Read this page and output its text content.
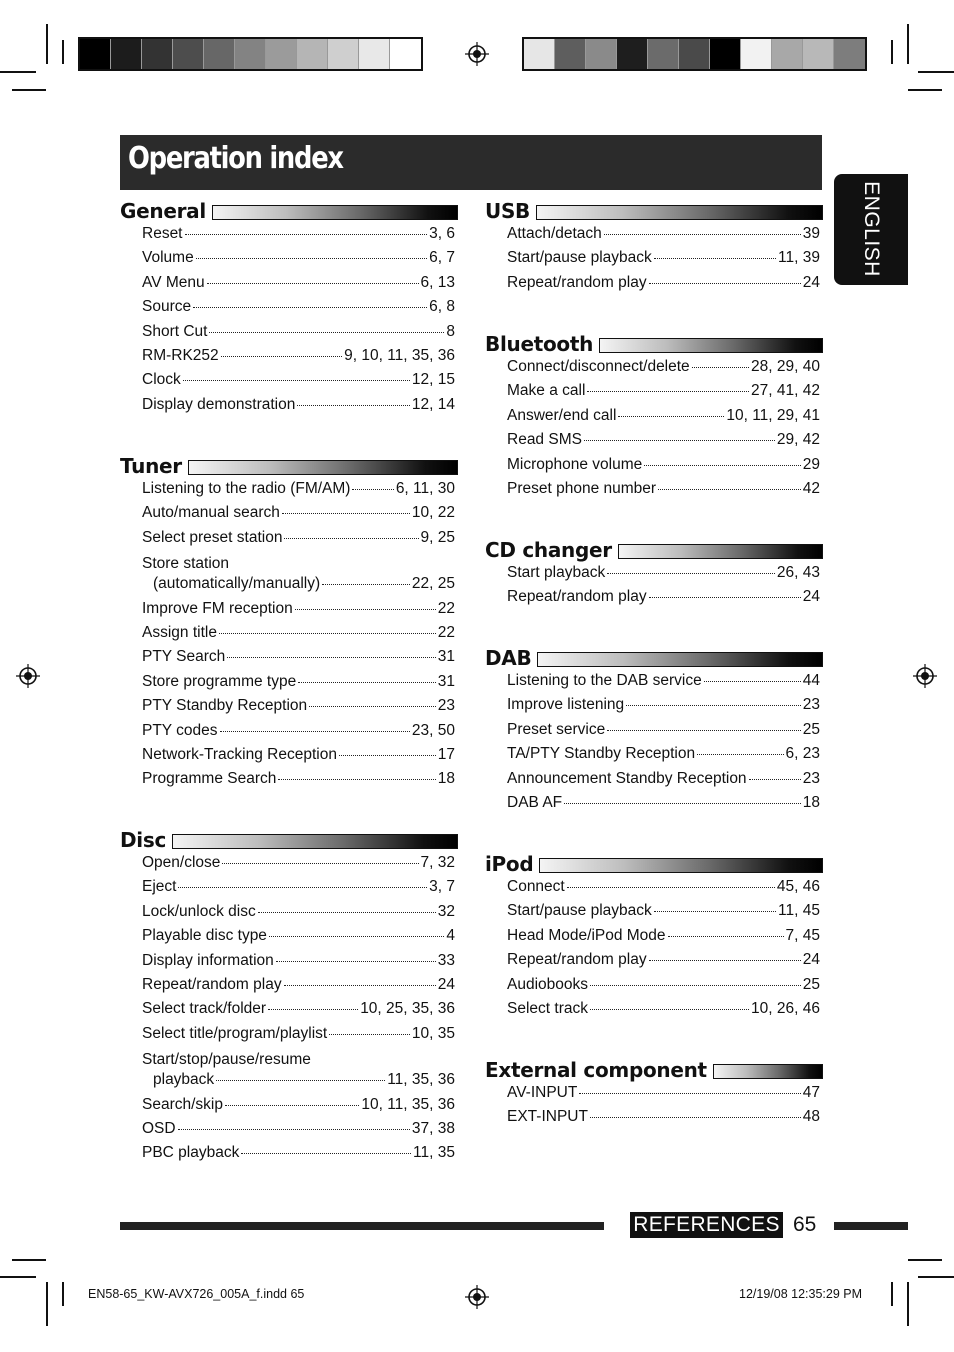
Operation index
ENGLISH
General
Reset	3, 6
Volume	6, 7
AV Menu	6, 13
Source	6, 8
Short Cut	8
RM-RK252	9, 10, 11, 35, 36
Clock	12, 15
Display demonstration	12, 14
Tuner
Listening to the radio (FM/AM)	6, 11, 30
Auto/manual search	10, 22
Select preset station	9, 25
Store station
(automatically/manually)	22, 25
Improve FM reception	22
Assign title	22
PTY Search	31
Store programme type	31
PTY Standby Reception	23
PTY codes	23, 50
Network-Tracking Reception	17
Programme Search	18
Disc
Open/close	7, 32
Eject	3, 7
Lock/unlock disc	32
Playable disc type	4
Display information	33
Repeat/random play	24
Select track/folder	10, 25, 35, 36
Select title/program/playlist	10, 35
Start/stop/pause/resume
playback	11, 35, 36
Search/skip	10, 11, 35, 36
OSD	37, 38
PBC playback	11, 35
USB
Attach/detach	39
Start/pause playback	11, 39
Repeat/random play	24
Bluetooth
Connect/disconnect/delete	28, 29, 40
Make a call	27, 41, 42
Answer/end call	10, 11, 29, 41
Read SMS	29, 42
Microphone volume	29
Preset phone number	42
CD changer
Start playback	26, 43
Repeat/random play	24
DAB
Listening to the DAB service	44
Improve listening	23
Preset service	25
TA/PTY Standby Reception	6, 23
Announcement Standby Reception	23
DAB AF	18
iPod
Connect	45, 46
Start/pause playback	11, 45
Head Mode/iPod Mode	7, 45
Repeat/random play	24
Audiobooks	25
Select track	10, 26, 46
External component
AV-INPUT	47
EXT-INPUT	48
REFERENCES 65
EN58-65_KW-AVX726_005A_f.indd 65	12/19/08 12:35:29 PM
